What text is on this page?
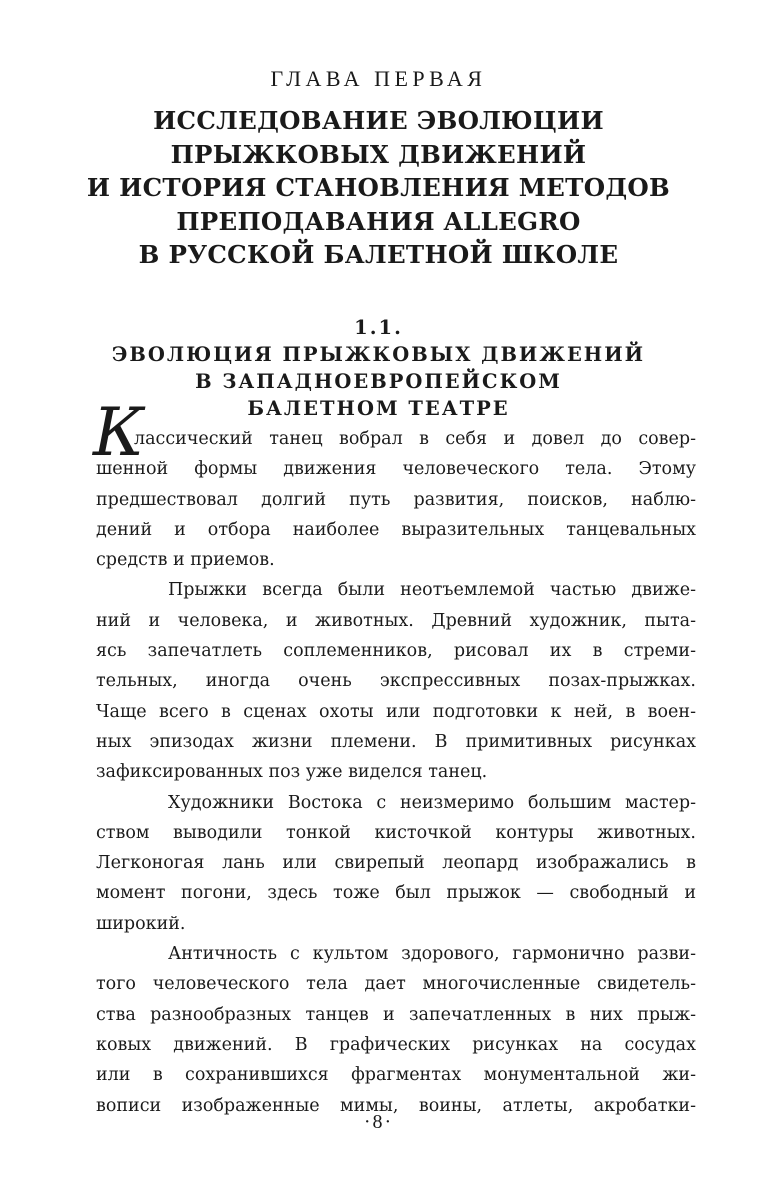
ГЛАВА ПЕРВАЯ
ИССЛЕДОВАНИЕ ЭВОЛЮЦИИ
ПРЫЖКОВЫХ ДВИЖЕНИЙ
И ИСТОРИЯ СТАНОВЛЕНИЯ МЕТОДОВ
ПРЕПОДАВАНИЯ ALLEGRO
В РУССКОЙ БАЛЕТНОЙ ШКОЛЕ
1.1.
ЭВОЛЮЦИЯ ПРЫЖКОВЫХ ДВИЖЕНИЙ
В ЗАПАДНОЕВРОПЕЙСКОМ
БАЛЕТНОМ ТЕАТРЕ
К
лассический танец вобрал в себя и довел до совер-
шенной формы движения человеческого тела. Этому
предшествовал долгий путь развития, поисков, наблю-
дений и отбора наиболее выразительных танцевальных
средств и приемов.
Прыжки всегда были неотъемлемой частью движе-
ний и человека, и животных. Древний художник, пыта-
ясь запечатлеть соплеменников, рисовал их в стреми-
тельных, иногда очень экспрессивных позах-прыжках.
Чаще всего в сценах охоты или подготовки к ней, в воен-
ных эпизодах жизни племени. В примитивных рисунках
зафиксированных поз уже виделся танец.
Художники Востока с неизмеримо большим мастер-
ством выводили тонкой кисточкой контуры животных.
Легконогая лань или свирепый леопард изображались в
момент погони, здесь тоже был прыжок — свободный и
широкий.
Античность с культом здорового, гармонично разви-
того человеческого тела дает многочисленные свидетель-
ства разнообразных танцев и запечатленных в них прыж-
ковых движений. В графических рисунках на сосудах
или в сохранившихся фрагментах монументальной жи-
вописи изображенные мимы, воины, атлеты, акробатки-
·8·
